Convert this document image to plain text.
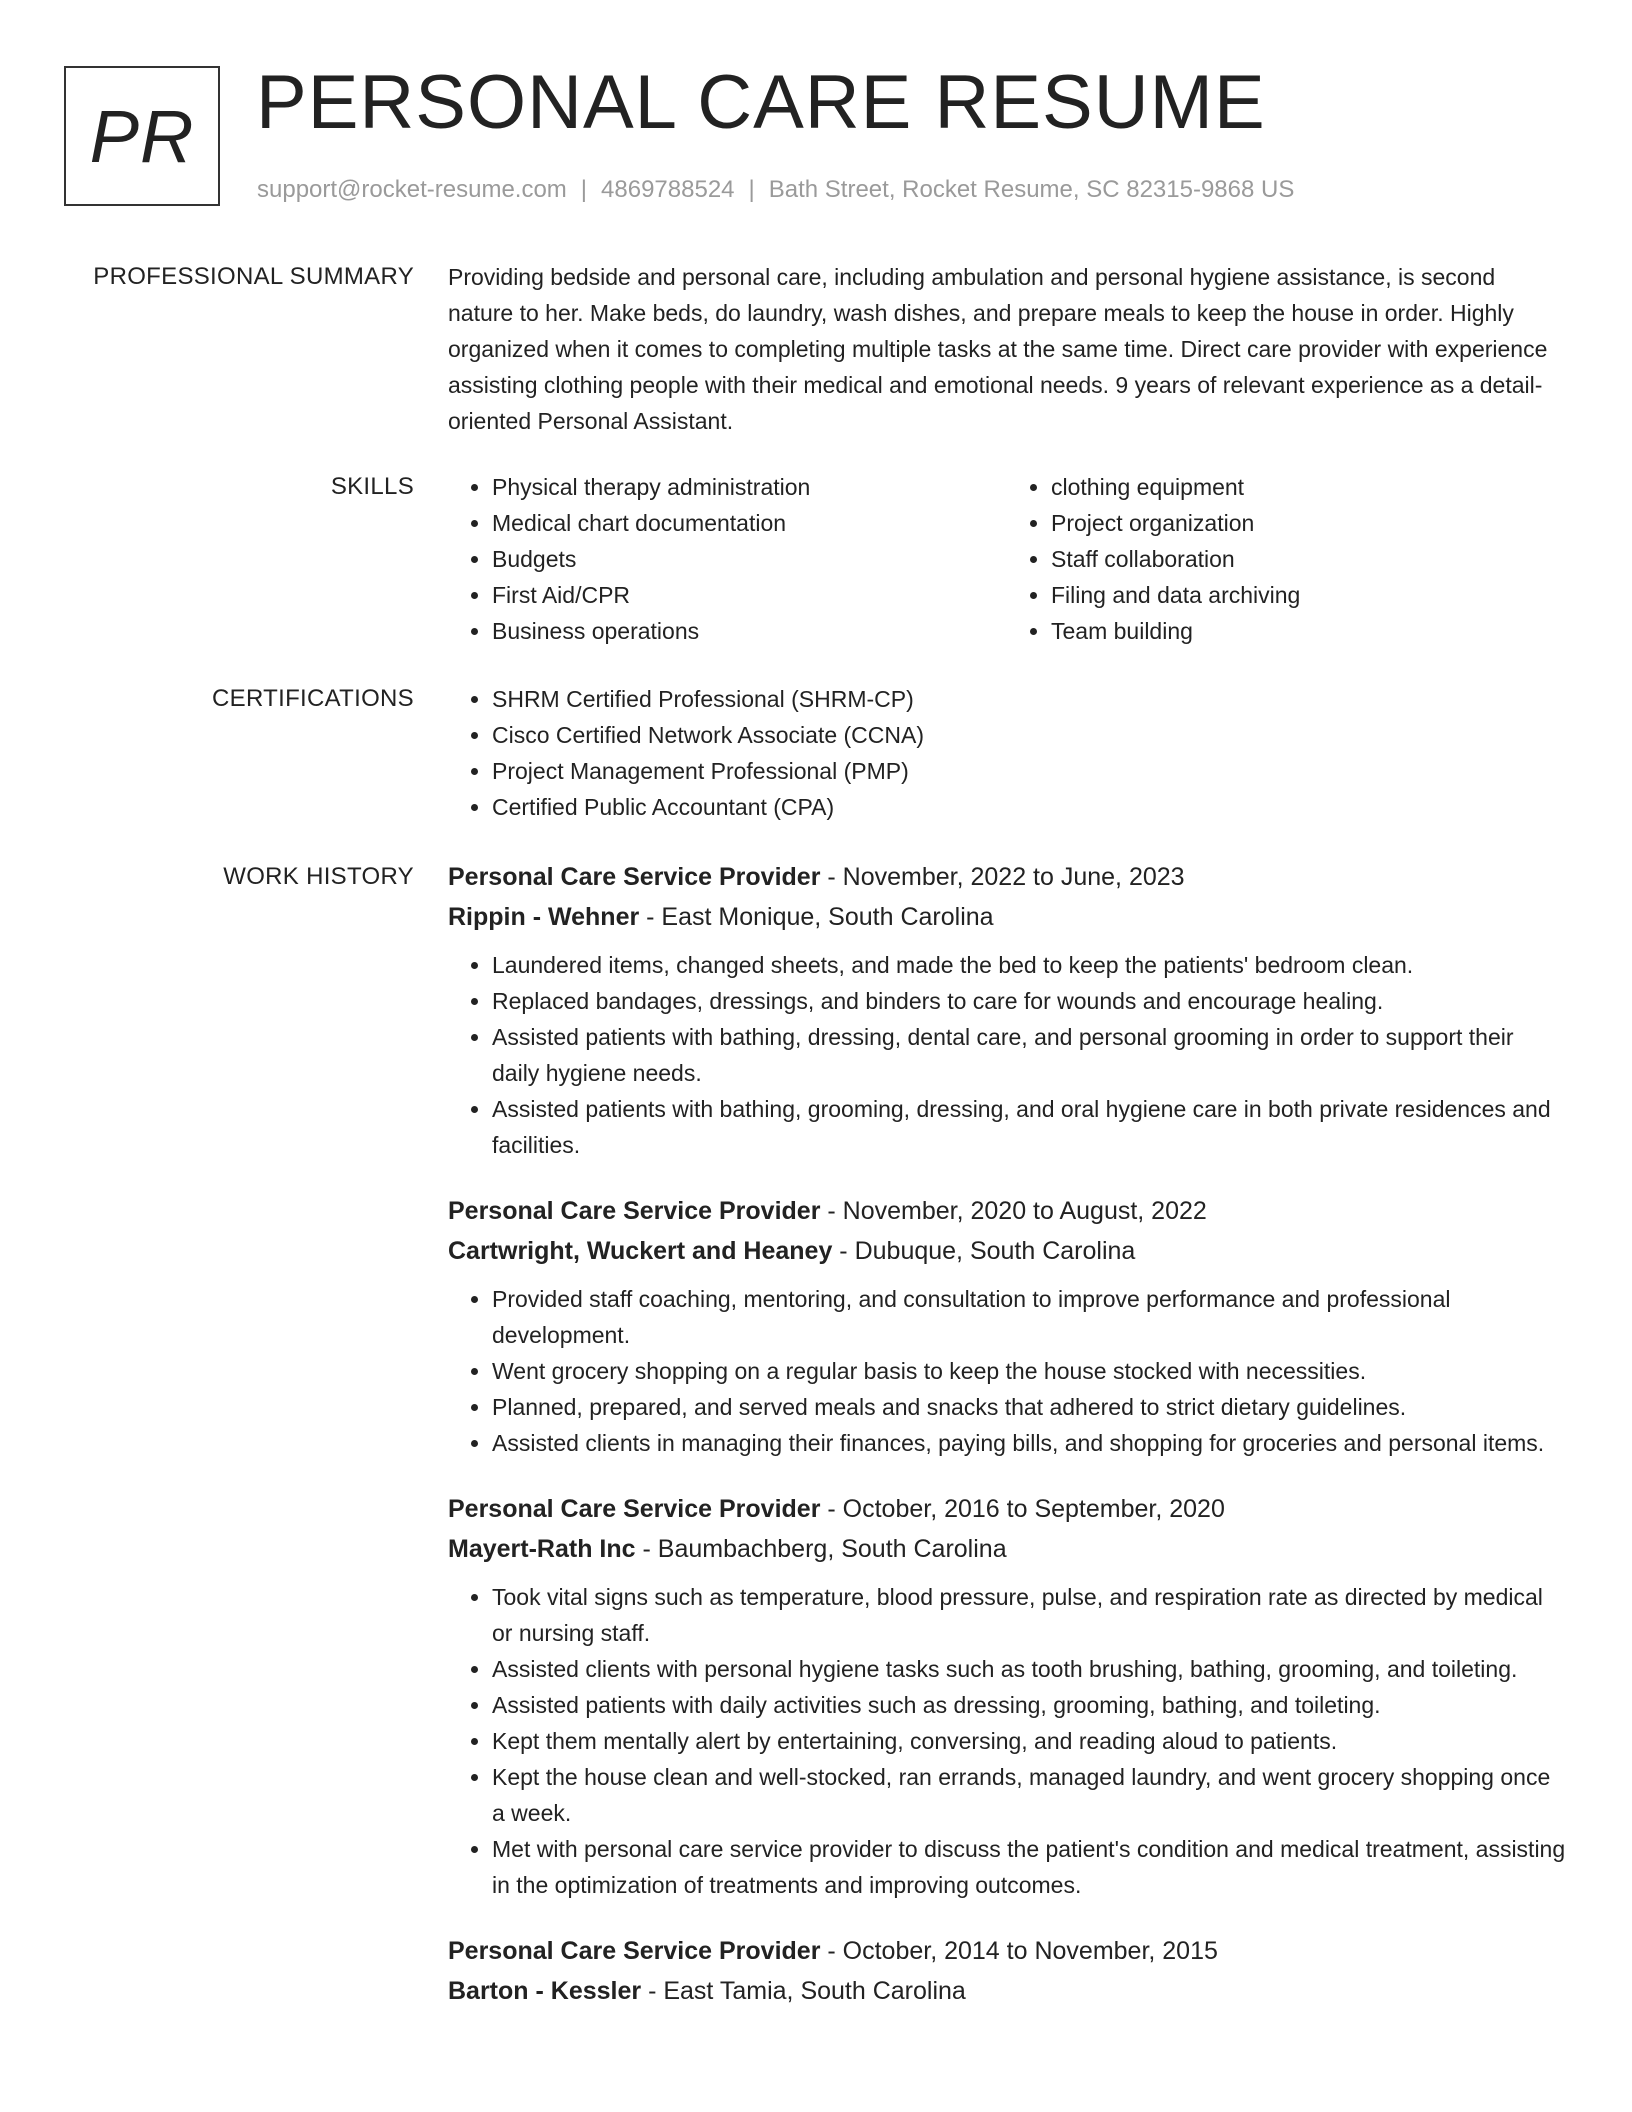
PR PERSONAL CARE RESUME
support@rocket-resume.com | 4869788524 | Bath Street, Rocket Resume, SC 82315-9868 US
PROFESSIONAL SUMMARY Providing bedside and personal care, including ambulation and personal hygiene assistance, is second nature to her. Make beds, do laundry, wash dishes, and prepare meals to keep the house in order. Highly organized when it comes to completing multiple tasks at the same time. Direct care provider with experience assisting clothing people with their medical and emotional needs. 9 years of relevant experience as a detail-oriented Personal Assistant.

SKILLS	• Physical therapy administration
• Medical chart documentation
• Budgets
• First Aid/CPR
• Business operations
• clothing equipment
• Project organization
• Staff collaboration
• Filing and data archiving
• Team building
CERTIFICATIONS	• SHRM Certified Professional (SHRM-CP)
• Cisco Certified Network Associate (CCNA)
• Project Management Professional (PMP)
• Certified Public Accountant (CPA)
WORK HISTORY Personal Care Service Provider - November, 2022 to June, 2023
Rippin - Wehner - East Monique, South Carolina
• Laundered items, changed sheets, and made the bed to keep the patients' bedroom clean.
• Replaced bandages, dressings, and binders to care for wounds and encourage healing.
• Assisted patients with bathing, dressing, dental care, and personal grooming in order to support their daily hygiene needs.
• Assisted patients with bathing, grooming, dressing, and oral hygiene care in both private residences and facilities.
Personal Care Service Provider - November, 2020 to August, 2022
Cartwright, Wuckert and Heaney - Dubuque, South Carolina
• Provided staff coaching, mentoring, and consultation to improve performance and professional development.
• Went grocery shopping on a regular basis to keep the house stocked with necessities.
• Planned, prepared, and served meals and snacks that adhered to strict dietary guidelines.
• Assisted clients in managing their finances, paying bills, and shopping for groceries and personal items.
Personal Care Service Provider - October, 2016 to September, 2020
Mayert-Rath Inc - Baumbachberg, South Carolina
• Took vital signs such as temperature, blood pressure, pulse, and respiration rate as directed by medical or nursing staff.
• Assisted clients with personal hygiene tasks such as tooth brushing, bathing, grooming, and toileting.
• Assisted patients with daily activities such as dressing, grooming, bathing, and toileting.
• Kept them mentally alert by entertaining, conversing, and reading aloud to patients.
• Kept the house clean and well-stocked, ran errands, managed laundry, and went grocery shopping once a week.
• Met with personal care service provider to discuss the patient's condition and medical treatment, assisting in the optimization of treatments and improving outcomes.
Personal Care Service Provider - October, 2014 to November, 2015
Barton - Kessler - East Tamia, South Carolina
